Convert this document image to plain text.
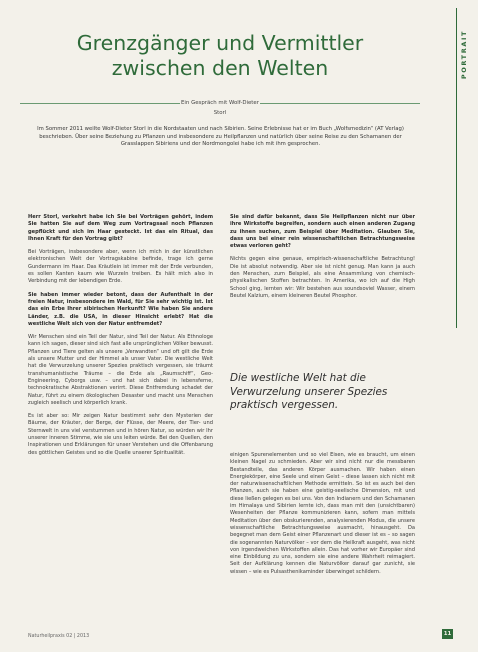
PORTRAIT
Grenzgänger und Vermittler
zwischen den Welten
Ein Gespräch mit Wolf-Dieter Storl
Im Sommer 2011 weilte Wolf-Dieter Storl in die Nordstaaten und nach Sibirien. Seine Erlebnisse hat er im Buch „Wolfsmedizin“ (AT Verlag) beschrieben. Über seine Beziehung zu Pflanzen und insbesondere zu Heilpflanzen und natürlich über seine Reise zu den Schamanen der Grasslappen Sibiriens und der Nordmongolei habe ich mit ihm gesprochen.

Herr Storl, verkehrt habe ich Sie bei Vorträgen gehört, indem Sie hatten Sie auf dem Weg zum Vortragsaal noch Pflanzen gepflückt und sich im Haar gesteckt. Ist das ein Ritual, das Ihnen Kraft für den Vortrag gibt?

Bei Vorträgen, insbesondere aber, wenn ich mich in der künstlichen elektronischen Welt der Vortragskabine befinde, trage ich gerne Gundermann im Haar. Das Kräutlein ist immer mit der Erde verbunden, es sollen Kanten kaum wie Wurzeln treiben. Es hält mich also in Verbindung mit der lebendigen Erde.

Sie haben immer wieder betont, dass der Aufenthalt in der freien Natur, insbesondere im Wald, für Sie sehr wichtig ist. Ist das ein Erbe Ihrer sibirischen Herkunft? Wie haben Sie andere Länder, z.B. die USA, in dieser Hinsicht erlebt? Hat die westliche Welt sich von der Natur entfremdet?

Wir Menschen sind ein Teil der Natur, sind Teil der Natur. Als Ethnologe kann ich sagen, dieser sind sich fast alle ursprünglichen Völker bewusst. Pflanzen und Tiere gelten als unsere „Verwandten“ und oft gilt die Erde als unsere Mutter und der Himmel als unser Vater. Die westliche Welt hat die Verwurzelung unserer Spezies praktisch vergessen, sie träumt transhumanistische Träume – die Erde als „Raumschiff“, Geo-Engineering, Cyborgs usw. – und hat sich dabei in lebensferne, technokratische Abstraktionen verirrt. Diese Entfremdung schadet der Natur, führt zu einem ökologischen Desaster und macht uns Menschen zugleich seelisch und körperlich krank.

Es ist aber so: Mir zeigen Natur bestimmt sehr den Mysterien der Bäume, der Kräuter, der Berge, der Flüsse, der Meere, der Tier- und Sternwelt in uns viel verstummen und in hören Natur, so würden wir Ihr unserer inneren Stimme, wie sie uns leiten würde. Bei den Quellen, den Inspirationen und Erklärungen für unser Verstehen und die Offenbarung des göttlichen Geistes und so die Quelle unserer Spiritualität.

Sie sind dafür bekannt, dass Sie Heilpflanzen nicht nur über ihre Wirkstoffe begreifen, sondern auch einen anderen Zugang zu ihnen suchen, zum Beispiel über Meditation. Glauben Sie, dass uns bei einer rein wissenschaftlichen Betrachtungsweise etwas verloren geht?

Nichts gegen eine genaue, empirisch-wissenschaftliche Betrachtung! Die ist absolut notwendig. Aber sie ist nicht genug. Man kann ja auch den Menschen, zum Beispiel, als eine Ansammlung von chemisch-physikalischen Stoffen betrachten. In Amerika, wo ich auf die High School ging, lernten wir: Wir bestehen aus soundsoviel Wasser, einem Beutel Kalzium, einem kleineren Beutel Phosphor.

Die westliche Welt hat die Verwurzelung unserer Spezies praktisch vergessen.

einigen Spurenelementen und so viel Eisen, wie es braucht, um einen kleinen Nagel zu schmieden. Aber wir sind nicht nur die messbaren Bestandteile, das anderen Körper ausmachen. Wir haben einen Energiekörper, eine Seele und einen Geist – diese lassen sich nicht mit der naturwissenschaftlichen Methode ermitteln. So ist es auch bei den Pflanzen, auch sie haben eine geistig-seelische Dimension, mit und diese ließen gelegen es bei uns. Von den Indianern und den Schamanen im Himalaya und Sibirien lernte ich, dass man mit den (unsichtbaren) Wesenheiten der Pflanze kommunizieren kann, sofern man mittels Meditation über den obskurierenden, analysierenden Modus, die unsere wissenschaftliche Betrachtungsweise ausmacht, hinausgeht. Da begegnet man dem Geist einer Pflanzenart und dieser ist es – so sagen die sogenannten Naturvölker – vor dem die Heilkraft ausgeht, was nicht von irgendwelchen Wirkstoffen allein. Das hat vorher wir Europäer sind eine Einbildung zu uns, sondern sie eine andere Wahrheit reimagiert. Seit der Aufklärung kennen die Naturvölker darauf gar zunicht, sie wissen – wie es Pulsasthenikaminder überwinget schildern.

Naturheilpraxis 02 | 2013	11
